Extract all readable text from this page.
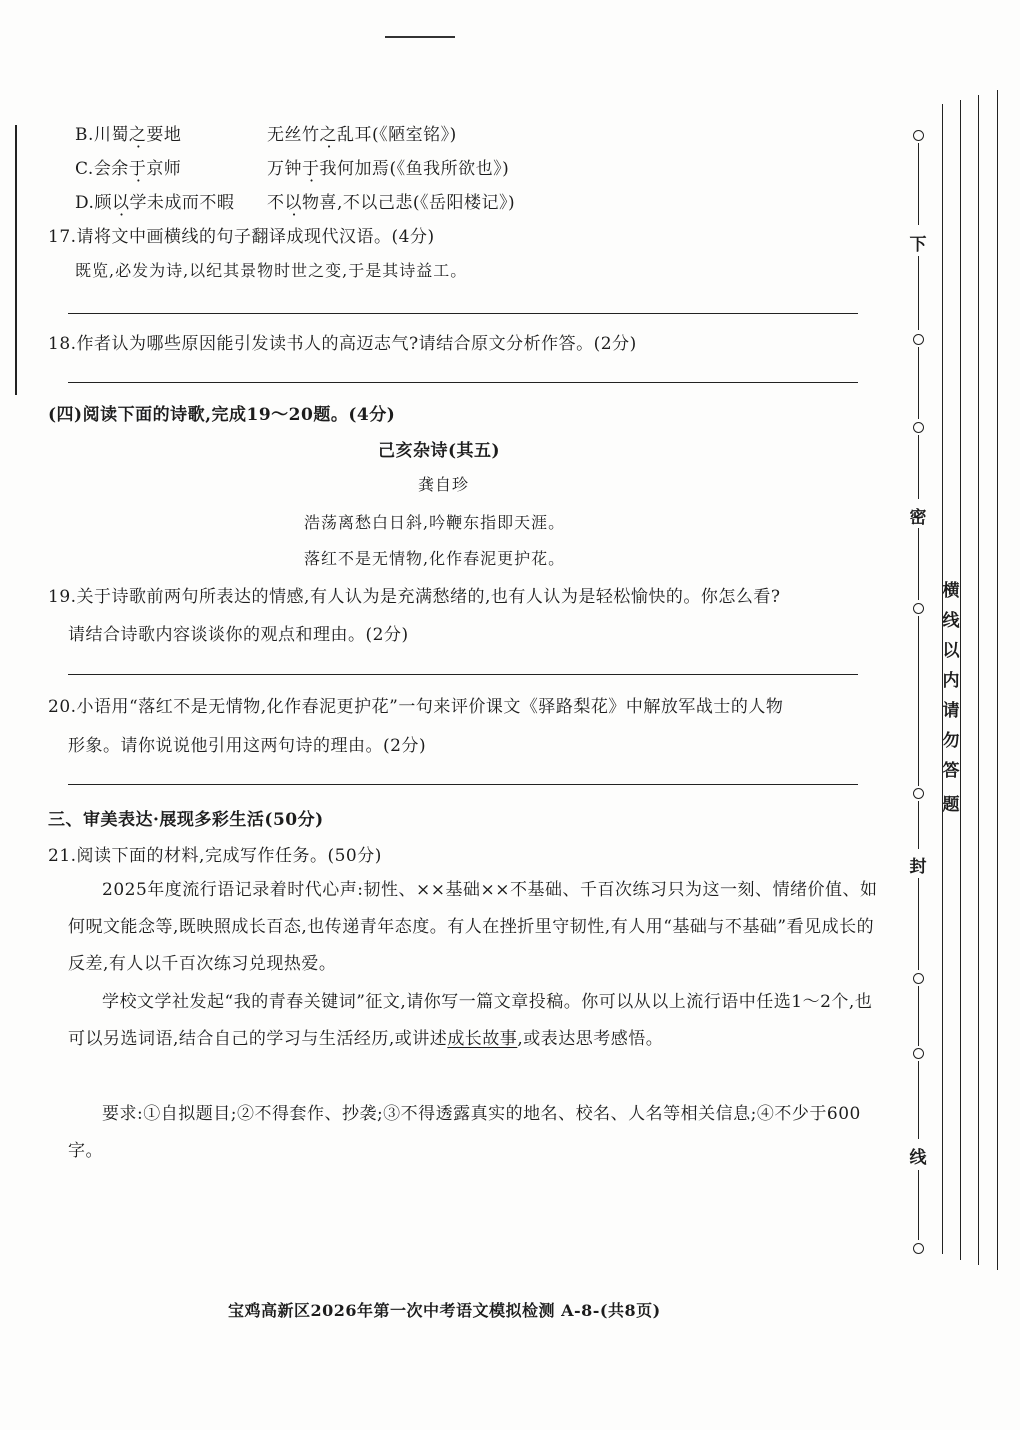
B.川蜀之要地	无丝竹之乱耳(《陋室铭》)
C.会余于京师	万钟于我何加焉(《鱼我所欲也》)
D.顾以学未成而不暇 不以物喜,不以己悲(《岳阳楼记》)
17.请将文中画横线的句子翻译成现代汉语。(4分)
既览,必发为诗,以纪其景物时世之变,于是其诗益工。
18.作者认为哪些原因能引发读书人的高迈志气?请结合原文分析作答。(2分)
(四)阅读下面的诗歌,完成19～20题。(4分)
己亥杂诗(其五)
龚自珍
浩荡离愁白日斜,吟鞭东指即天涯。
落红不是无情物,化作春泥更护花。
19.关于诗歌前两句所表达的情感,有人认为是充满愁绪的,也有人认为是轻松愉快的。你怎么看?
请结合诗歌内容谈谈你的观点和理由。(2分)
20.小语用“落红不是无情物,化作春泥更护花”一句来评价课文《驿路梨花》中解放军战士的人物
形象。请你说说他引用这两句诗的理由。(2分)
三、审美表达·展现多彩生活(50分)
21.阅读下面的材料,完成写作任务。(50分)
2025年度流行语记录着时代心声:韧性、××基础××不基础、千百次练习只为这一刻、情绪价值、如何呪文能念等,既映照成长百态,也传递青年态度。有人在挫折里守韧性,有人用“基础与不基础”看见成长的反差,有人以千百次练习兑现热爱。
学校文学社发起“我的青春关键词”征文,请你写一篇文章投稿。你可以从以上流行语中任选1～2个,也可以另选词语,结合自己的学习与生活经历,或讲述成长故事,或表达思考感悟。
要求:①自拟题目;②不得套作、抄袭;③不得透露真实的地名、校名、人名等相关信息;④不少于600字。
宝鸡高新区2026年第一次中考语文模拟检测 A-8-(共8页)
下
密
封
线
横
线
以
内
请
勿
答
题
